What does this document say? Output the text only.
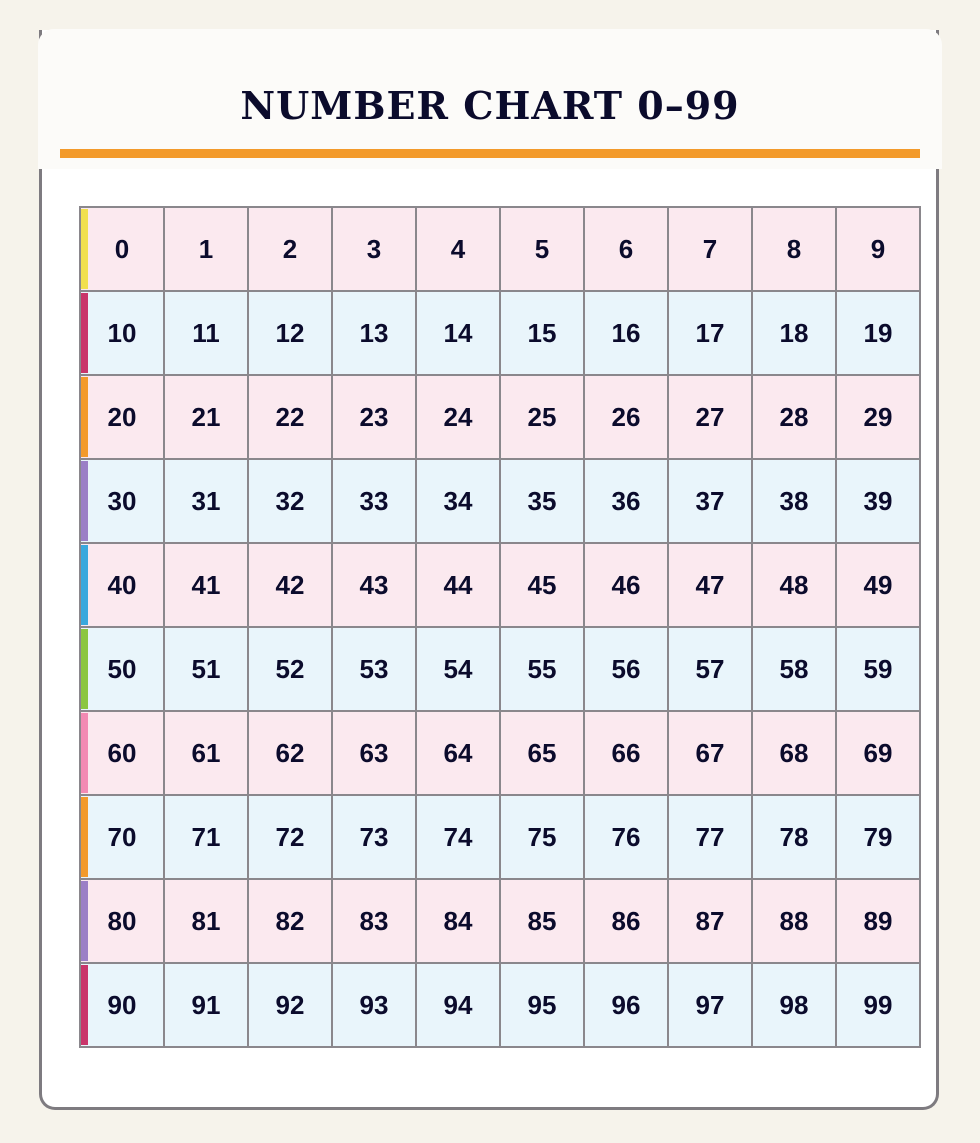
NUMBER CHART 0–99
0	1	2	3	4	5	6	7	8	9

10	11	12	13	14	15	16	17	18	19

20	21	22	23	24	25	26	27	28	29

30	31	32	33	34	35	36	37	38	39

40	41	42	43	44	45	46	47	48	49

50	51	52	53	54	55	56	57	58	59

60	61	62	63	64	65	66	67	68	69

70	71	72	73	74	75	76	77	78	79

80	81	82	83	84	85	86	87	88	89

90	91	92	93	94	95	96	97	98	99
